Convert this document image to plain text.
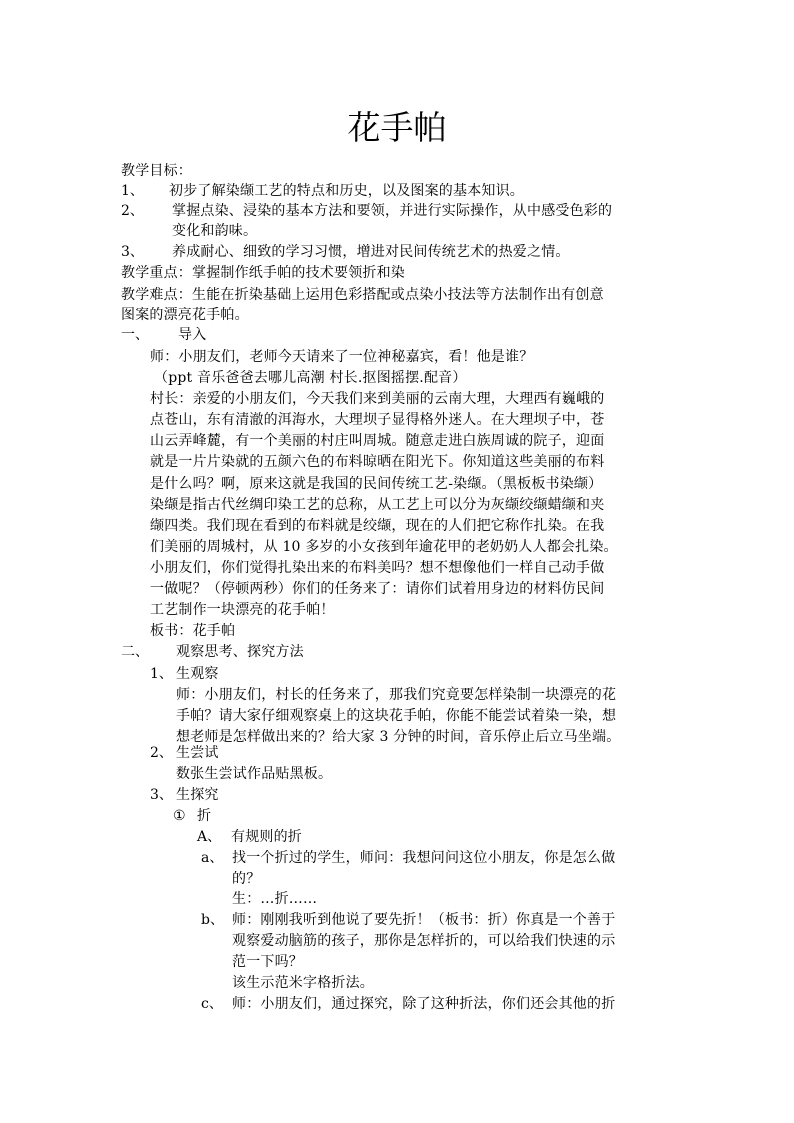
花手帕
教学目标：
1、 初步了解染缬工艺的特点和历史，以及图案的基本知识。
2、 掌握点染、浸染的基本方法和要领，并进行实际操作，从中感受色彩的
变化和韵味。
3、 养成耐心、细致的学习习惯，增进对民间传统艺术的热爱之情。
教学重点：掌握制作纸手帕的技术要领折和染
教学难点：生能在折染基础上运用色彩搭配或点染小技法等方法制作出有创意
图案的漂亮花手帕。
一、 导入
师：小朋友们，老师今天请来了一位神秘嘉宾，看！他是谁？
（ppt 音乐爸爸去哪儿高潮 村长.抠图摇摆.配音）
村长：亲爱的小朋友们，今天我们来到美丽的云南大理，大理西有巍峨的
点苍山，东有清澈的洱海水，大理坝子显得格外迷人。在大理坝子中，苍
山云弄峰麓，有一个美丽的村庄叫周城。随意走进白族周诚的院子，迎面
就是一片片染就的五颜六色的布料晾晒在阳光下。你知道这些美丽的布料
是什么吗？啊，原来这就是我国的民间传统工艺-染缬。（黑板板书染缬）
染缬是指古代丝绸印染工艺的总称，从工艺上可以分为灰缬绞缬蜡缬和夹
缬四类。我们现在看到的布料就是绞缬，现在的人们把它称作扎染。在我
们美丽的周城村，从 10 多岁的小女孩到年逾花甲的老奶奶人人都会扎染。
小朋友们，你们觉得扎染出来的布料美吗？想不想像他们一样自己动手做
一做呢？（停顿两秒）你们的任务来了：请你们试着用身边的材料仿民间
工艺制作一块漂亮的花手帕！
板书：花手帕
二、 观察思考、探究方法
1、 生观察
师：小朋友们，村长的任务来了，那我们究竟要怎样染制一块漂亮的花
手帕？请大家仔细观察桌上的这块花手帕，你能不能尝试着染一染，想
想老师是怎样做出来的？给大家 3 分钟的时间，音乐停止后立马坐端。
2、 生尝试
数张生尝试作品贴黑板。
3、 生探究
① 折
A、 有规则的折
a、 找一个折过的学生，师问：我想问问这位小朋友，你是怎么做
的？
生：…折……
b、 师：刚刚我听到他说了要先折！（板书：折）你真是一个善于
观察爱动脑筋的孩子，那你是怎样折的，可以给我们快速的示
范一下吗？
该生示范米字格折法。
c、 师：小朋友们，通过探究，除了这种折法，你们还会其他的折
